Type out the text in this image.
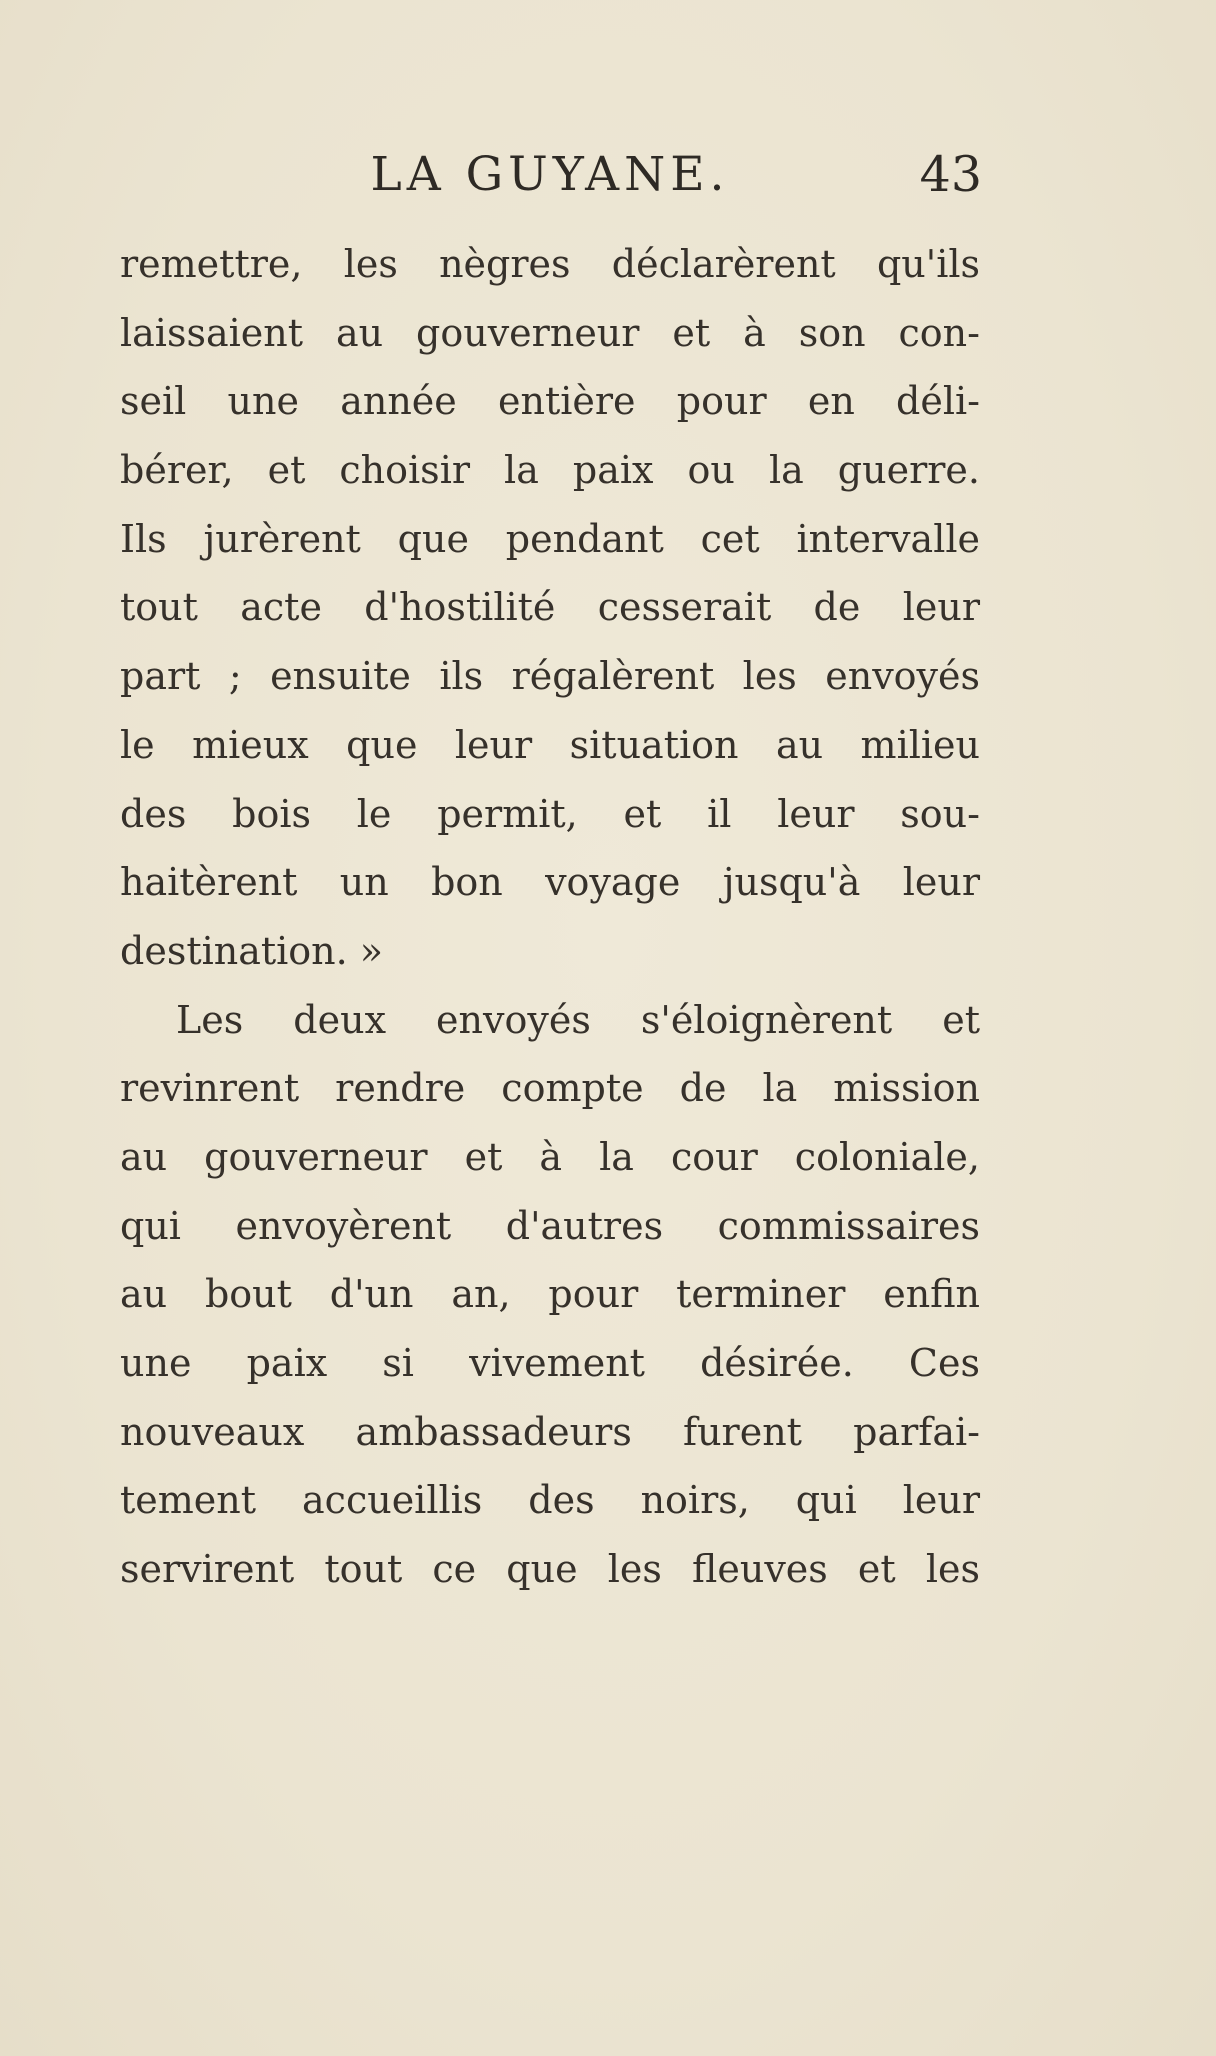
LA GUYANE.	43
remettre, les nègres déclarèrent qu'ils
laissaient au gouverneur et à son con-
seil une année entière pour en déli-
bérer, et choisir la paix ou la guerre.
Ils jurèrent que pendant cet intervalle
tout acte d'hostilité cesserait de leur
part ; ensuite ils régalèrent les envoyés
le mieux que leur situation au milieu
des bois le permit, et il leur sou-
haitèrent un bon voyage jusqu'à leur
destination. »
Les deux envoyés s'éloignèrent et
revinrent rendre compte de la mission
au gouverneur et à la cour coloniale,
qui envoyèrent d'autres commissaires
au bout d'un an, pour terminer enfin
une paix si vivement désirée. Ces
nouveaux ambassadeurs furent parfai-
tement accueillis des noirs, qui leur
servirent tout ce que les fleuves et les
